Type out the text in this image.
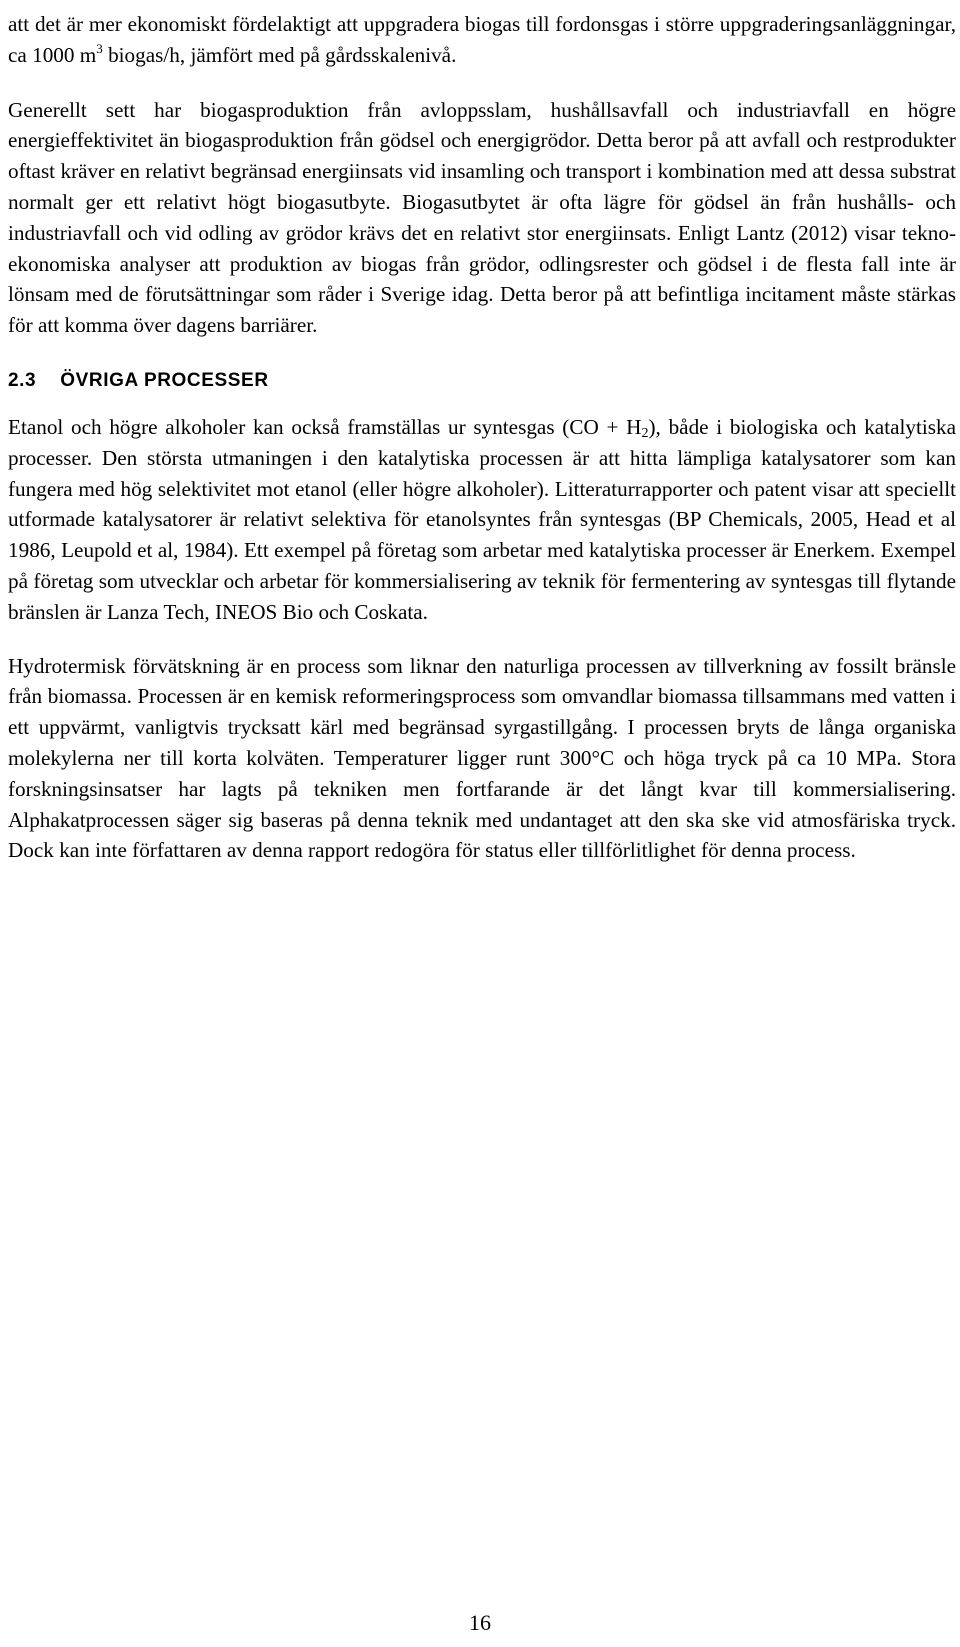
att det är mer ekonomiskt fördelaktigt att uppgradera biogas till fordonsgas i större uppgraderingsanläggningar, ca 1000 $m^3$ biogas/h, jämfört med på gårdsskalenivå.

Generellt sett har biogasproduktion från avloppsslam, hushållsavfall och industriavfall en högre energieffektivitet än biogasproduktion från gödsel och energigrödor. Detta beror på att avfall och restprodukter oftast kräver en relativt begränsad energiinsats vid insamling och transport i kombination med att dessa substrat normalt ger ett relativt högt biogasutbyte. Biogasutbytet är ofta lägre för gödsel än från hushålls- och industriavfall och vid odling av grödor krävs det en relativt stor energiinsats. Enligt Lantz (2012) visar tekno-ekonomiska analyser att produktion av biogas från grödor, odlingsrester och gödsel i de flesta fall inte är lönsam med de förutsättningar som råder i Sverige idag. Detta beror på att befintliga incitament måste stärkas för att komma över dagens barriärer.

2.3 ÖVRIGA PROCESSER

Etanol och högre alkoholer kan också framställas ur syntesgas (CO + H2), både i biologiska och katalytiska processer. Den största utmaningen i den katalytiska processen är att hitta lämpliga katalysatorer som kan fungera med hög selektivitet mot etanol (eller högre alkoholer). Litteraturrapporter och patent visar att speciellt utformade katalysatorer är relativt selektiva för etanolsyntes från syntesgas (BP Chemicals, 2005, Head et al 1986, Leupold et al, 1984). Ett exempel på företag som arbetar med katalytiska processer är Enerkem. Exempel på företag som utvecklar och arbetar för kommersialisering av teknik för fermentering av syntesgas till flytande bränslen är Lanza Tech, INEOS Bio och Coskata.

Hydrotermisk förvätskning är en process som liknar den naturliga processen av tillverkning av fossilt bränsle från biomassa. Processen är en kemisk reformeringsprocess som omvandlar biomassa tillsammans med vatten i ett uppvärmt, vanligtvis trycksatt kärl med begränsad syrgastillgång. I processen bryts de långa organiska molekylerna ner till korta kolväten. Temperaturer ligger runt 300°C och höga tryck på ca 10 MPa. Stora forskningsinsatser har lagts på tekniken men fortfarande är det långt kvar till kommersialisering. Alphakatprocessen säger sig baseras på denna teknik med undantaget att den ska ske vid atmosfäriska tryck. Dock kan inte författaren av denna rapport redogöra för status eller tillförlitlighet för denna process.

16
